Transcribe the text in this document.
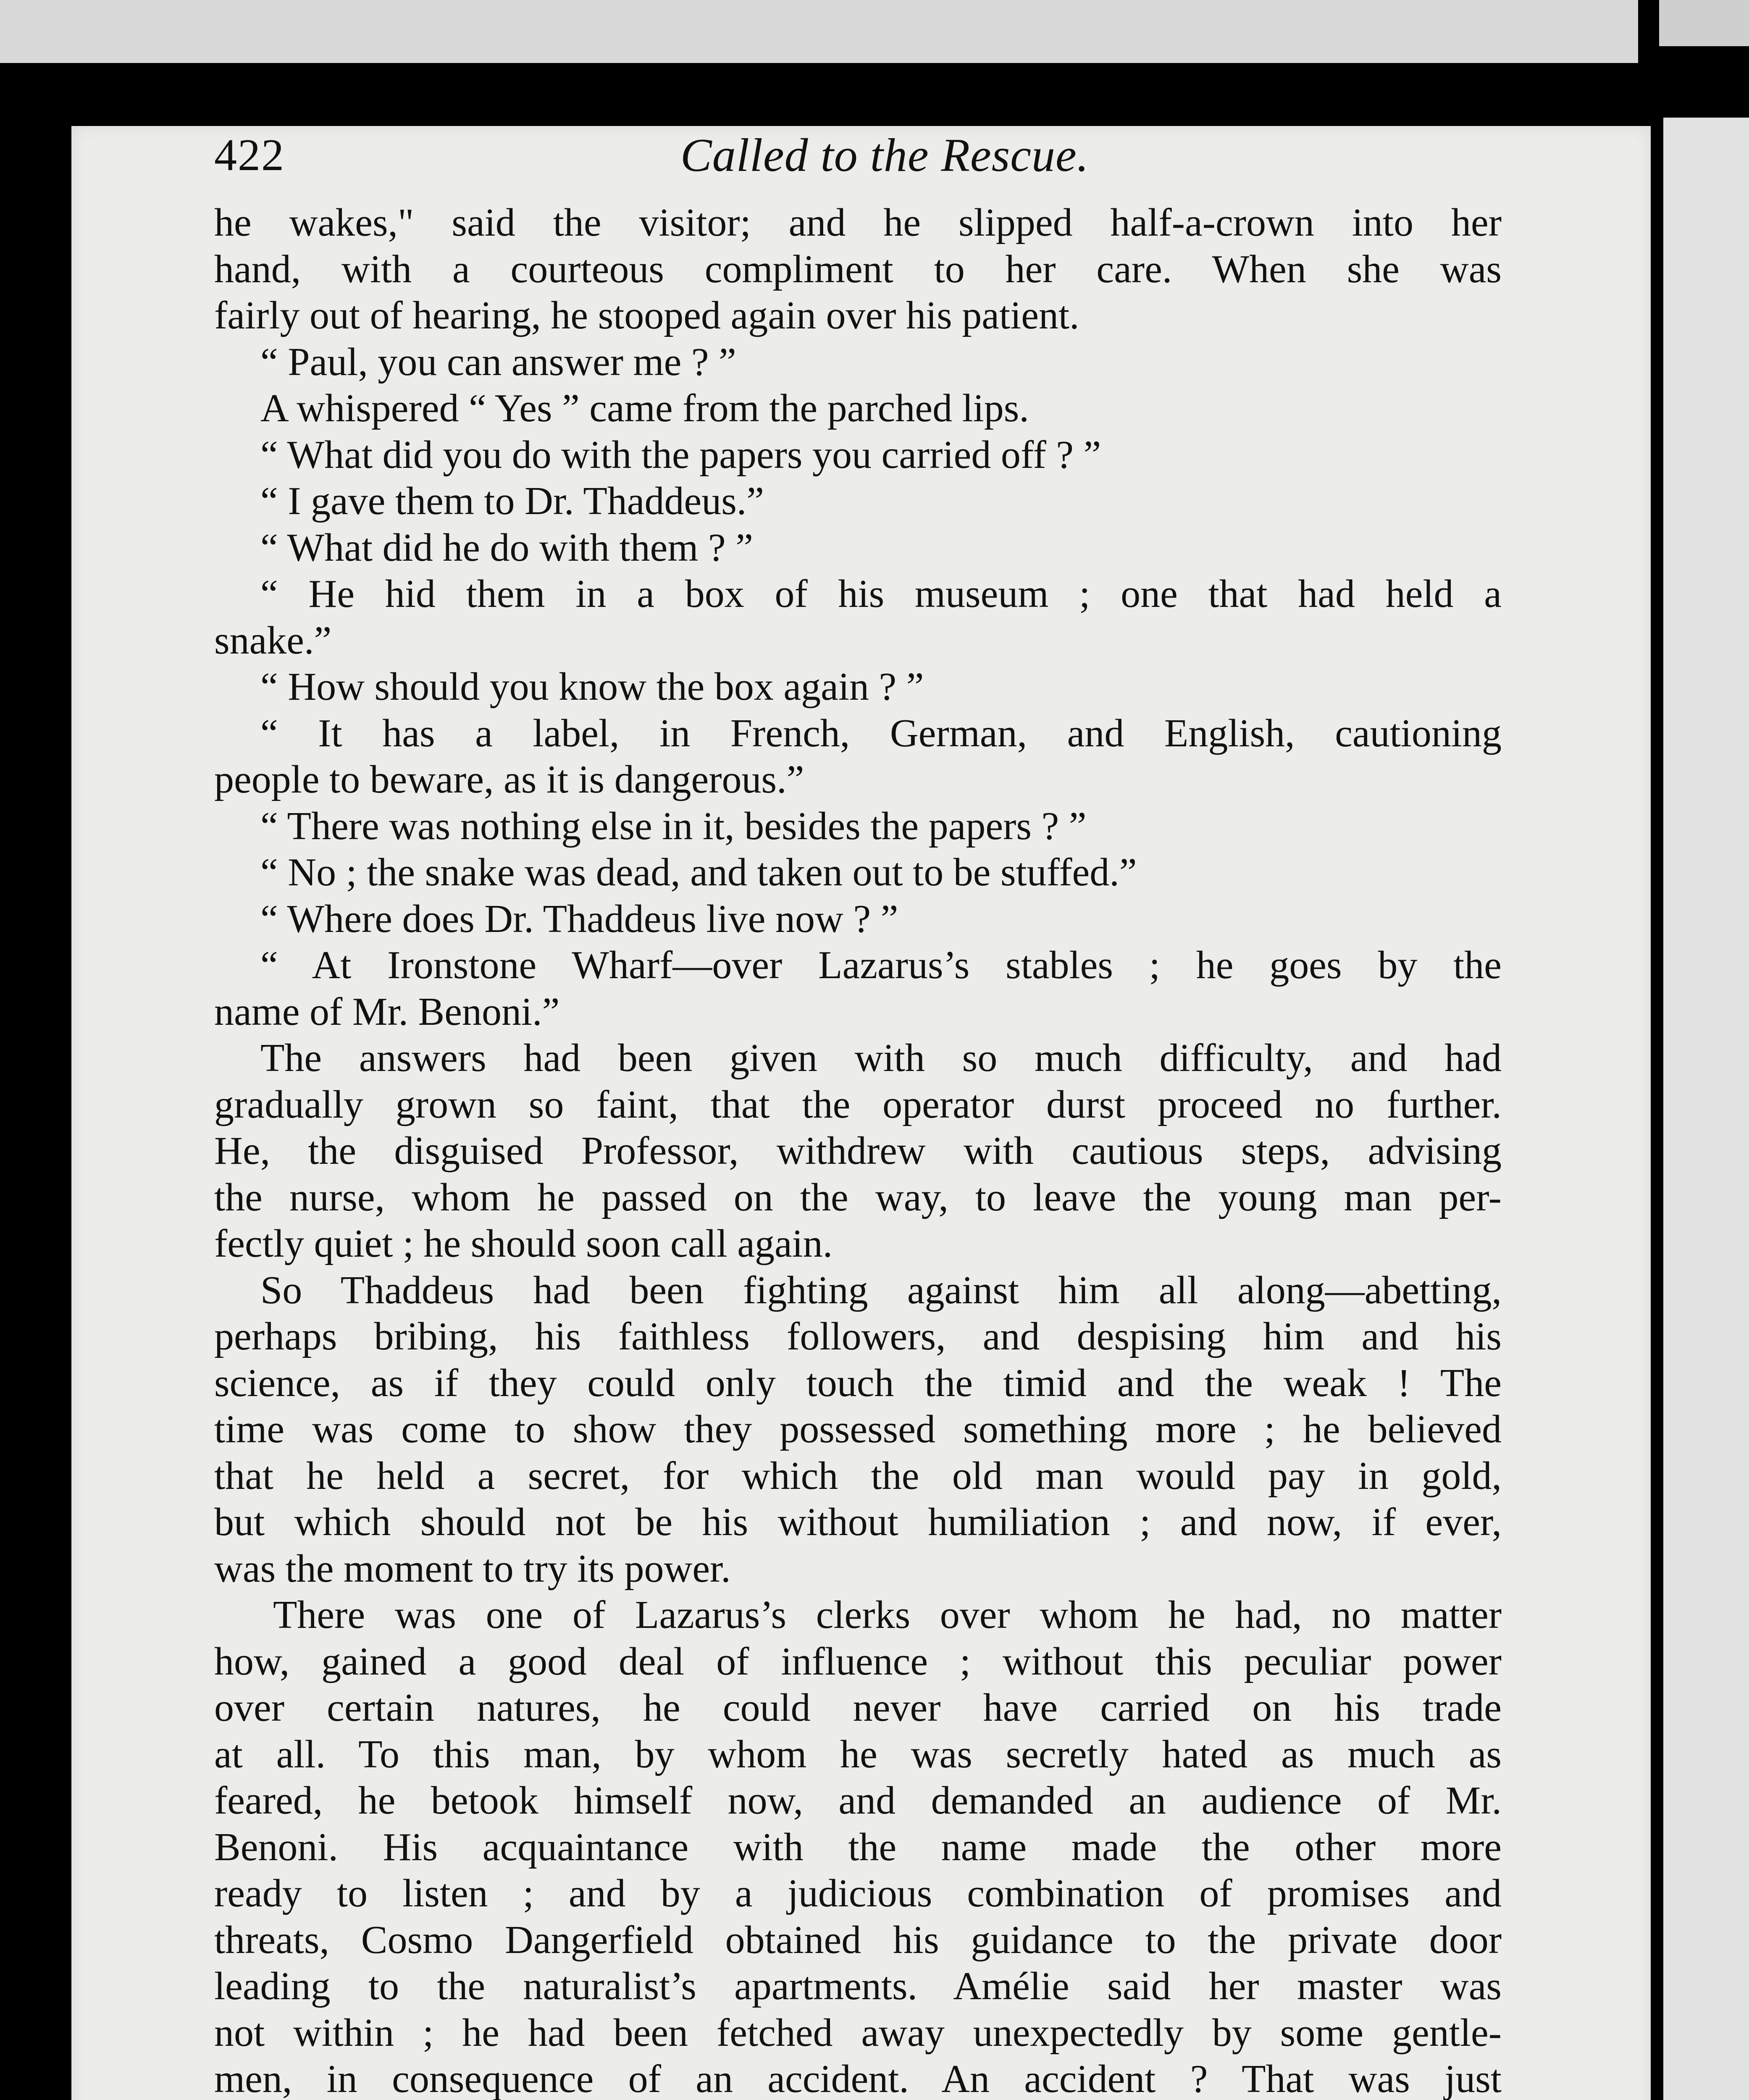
422	Called to the Rescue.
he wakes," said the visitor; and he slipped half-a-crown into her
hand, with a courteous compliment to her care. When she was
fairly out of hearing, he stooped again over his patient.
“ Paul, you can answer me ? ”
A whispered “ Yes ” came from the parched lips.
“ What did you do with the papers you carried off ? ”
“ I gave them to Dr. Thaddeus.”
“ What did he do with them ? ”
“ He hid them in a box of his museum ; one that had held a
snake.”
“ How should you know the box again ? ”
“ It has a label, in French, German, and English, cautioning
people to beware, as it is dangerous.”
“ There was nothing else in it, besides the papers ? ”
“ No ; the snake was dead, and taken out to be stuffed.”
“ Where does Dr. Thaddeus live now ? ”
“ At Ironstone Wharf—over Lazarus’s stables ; he goes by the
name of Mr. Benoni.”
The answers had been given with so much difficulty, and had
gradually grown so faint, that the operator durst proceed no further.
He, the disguised Professor, withdrew with cautious steps, advising
the nurse, whom he passed on the way, to leave the young man per-
fectly quiet ; he should soon call again.
So Thaddeus had been fighting against him all along—abetting,
perhaps bribing, his faithless followers, and despising him and his
science, as if they could only touch the timid and the weak ! The
time was come to show they possessed something more ; he believed
that he held a secret, for which the old man would pay in gold,
but which should not be his without humiliation ; and now, if ever,
was the moment to try its power.
There was one of Lazarus’s clerks over whom he had, no matter
how, gained a good deal of influence ; without this peculiar power
over certain natures, he could never have carried on his trade
at all. To this man, by whom he was secretly hated as much as
feared, he betook himself now, and demanded an audience of Mr.
Benoni. His acquaintance with the name made the other more
ready to listen ; and by a judicious combination of promises and
threats, Cosmo Dangerfield obtained his guidance to the private door
leading to the naturalist’s apartments. Amélie said her master was
not within ; he had been fetched away unexpectedly by some gentle-
men, in consequence of an accident. An accident ? That was just
